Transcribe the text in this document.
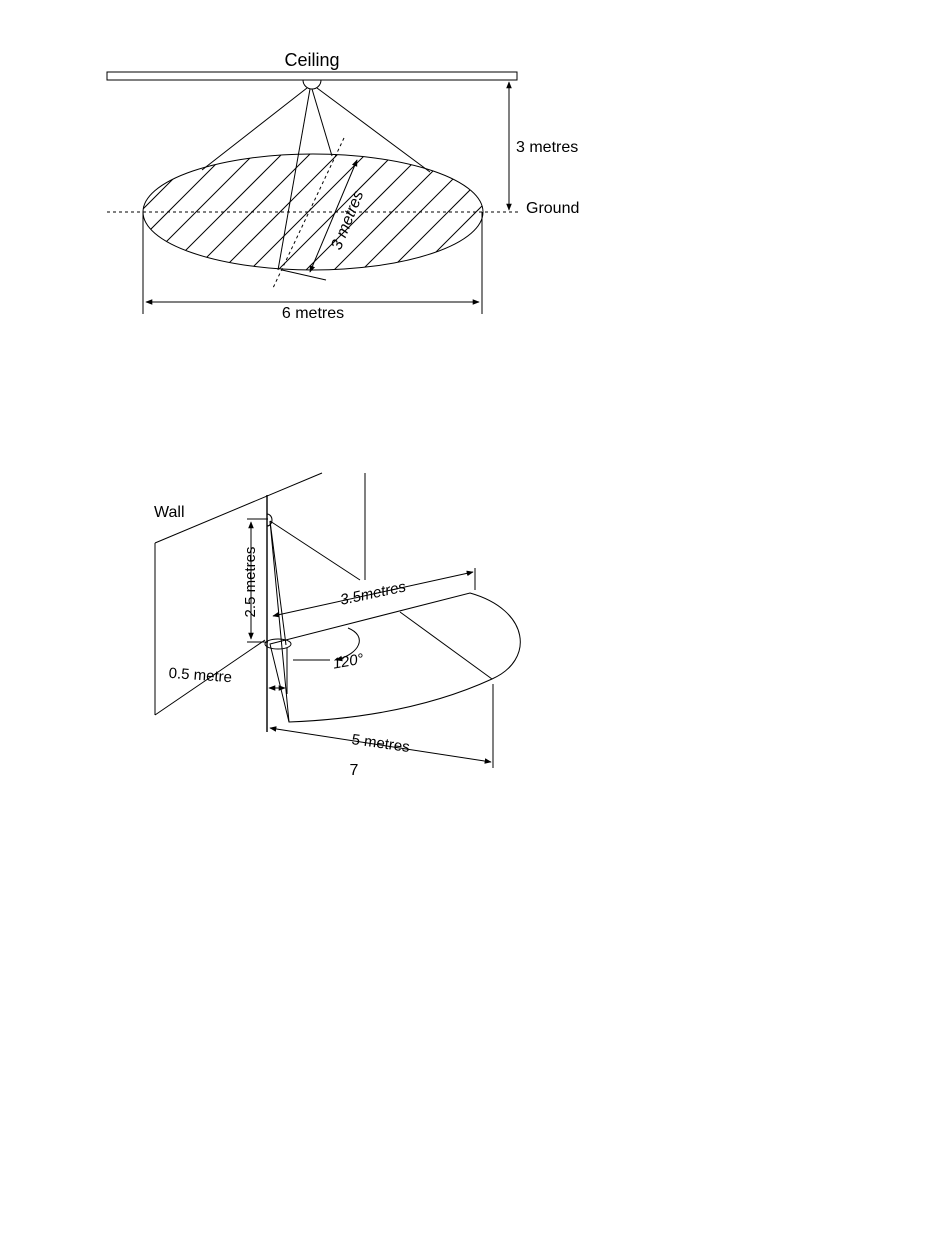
Ceiling
3 metres
Ground
3 metres
6 metres
Wall
2.5 metres	3.5metres
120°
0.5 metre
5 metres
7
